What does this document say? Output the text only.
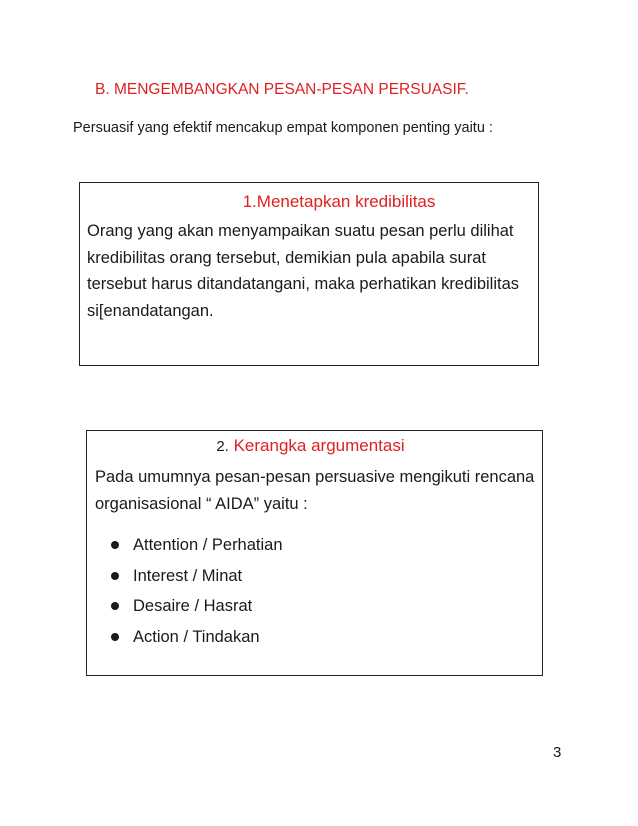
B. MENGEMBANGKAN PESAN-PESAN PERSUASIF.
Persuasif yang efektif mencakup empat komponen penting yaitu :
1.Menetapkan kredibilitas
Orang yang akan menyampaikan suatu pesan perlu dilihat kredibilitas orang tersebut, demikian pula apabila surat tersebut harus ditandatangani, maka perhatikan kredibilitas si[enandatangan.
2. Kerangka argumentasi
Pada umumnya pesan-pesan persuasive mengikuti rencana organisasional “ AIDA” yaitu :
Attention / Perhatian
Interest / Minat
Desaire / Hasrat
Action / Tindakan
3
